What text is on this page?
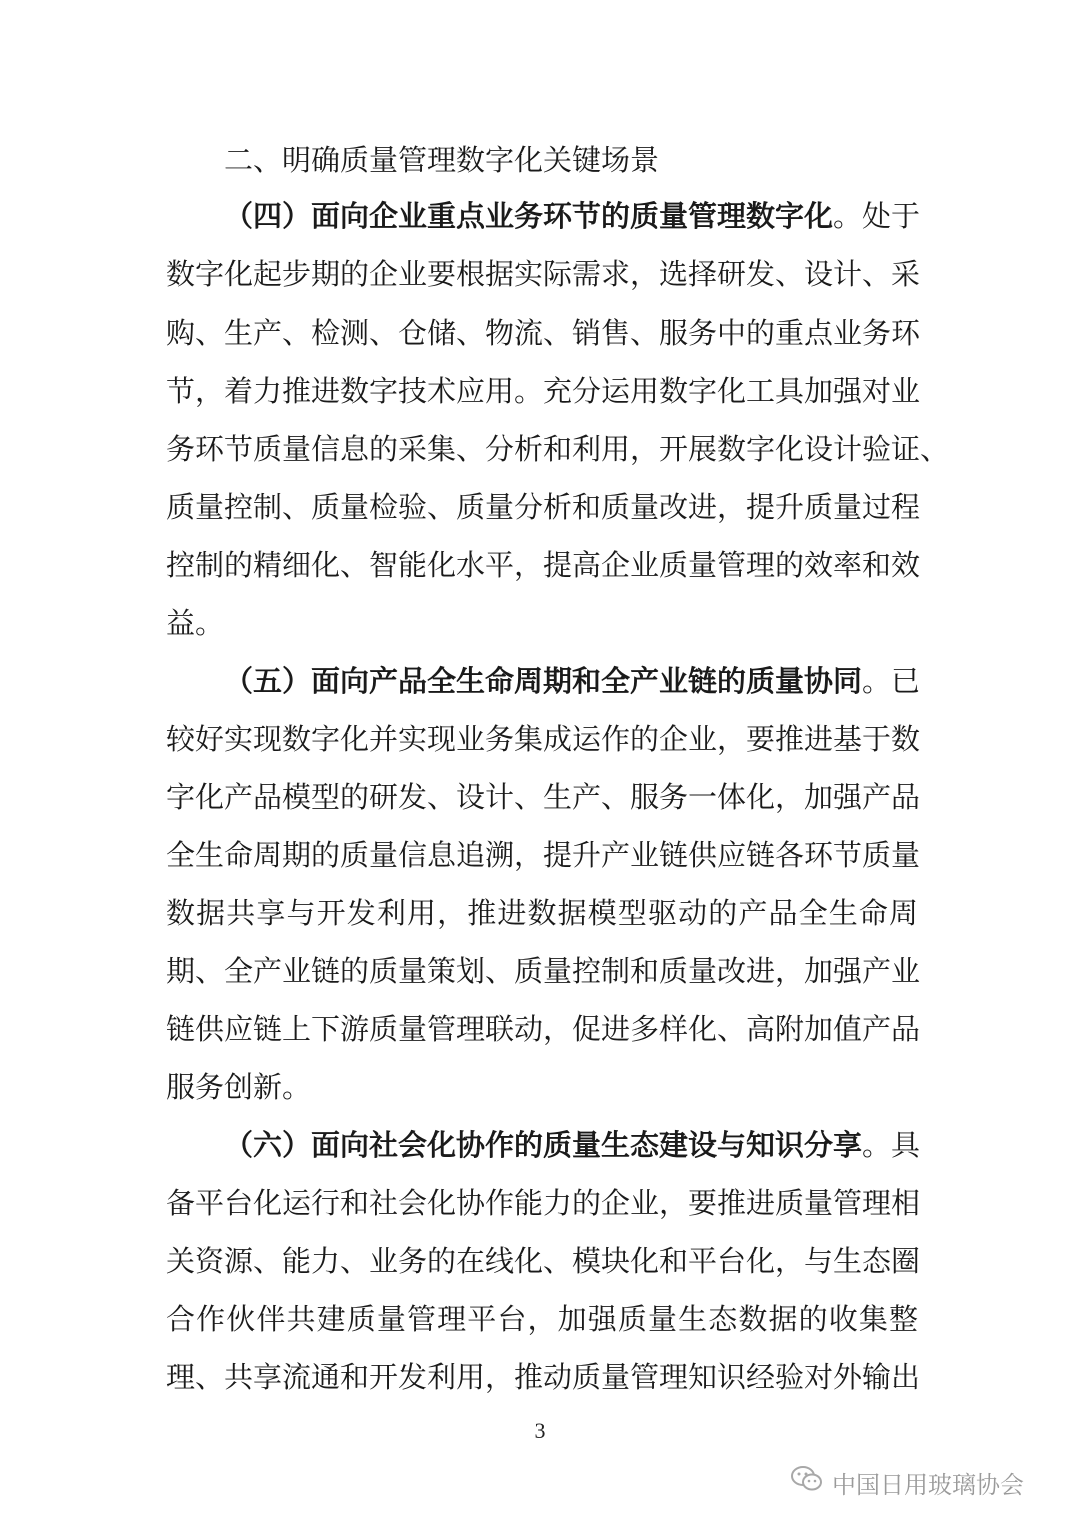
二、明确质量管理数字化关键场景
（四）面向企业重点业务环节的质量管理数字化。处于
数字化起步期的企业要根据实际需求，选择研发、设计、采
购、生产、检测、仓储、物流、销售、服务中的重点业务环
节，着力推进数字技术应用。充分运用数字化工具加强对业
务环节质量信息的采集、分析和利用，开展数字化设计验证、
质量控制、质量检验、质量分析和质量改进，提升质量过程
控制的精细化、智能化水平，提高企业质量管理的效率和效
益。
（五）面向产品全生命周期和全产业链的质量协同。已
较好实现数字化并实现业务集成运作的企业，要推进基于数
字化产品模型的研发、设计、生产、服务一体化，加强产品
全生命周期的质量信息追溯，提升产业链供应链各环节质量
数据共享与开发利用，推进数据模型驱动的产品全生命周
期、全产业链的质量策划、质量控制和质量改进，加强产业
链供应链上下游质量管理联动，促进多样化、高附加值产品
服务创新。
（六）面向社会化协作的质量生态建设与知识分享。具
备平台化运行和社会化协作能力的企业，要推进质量管理相
关资源、能力、业务的在线化、模块化和平台化，与生态圈
合作伙伴共建质量管理平台，加强质量生态数据的收集整
理、共享流通和开发利用，推动质量管理知识经验对外输出
3
中国日用玻璃协会
